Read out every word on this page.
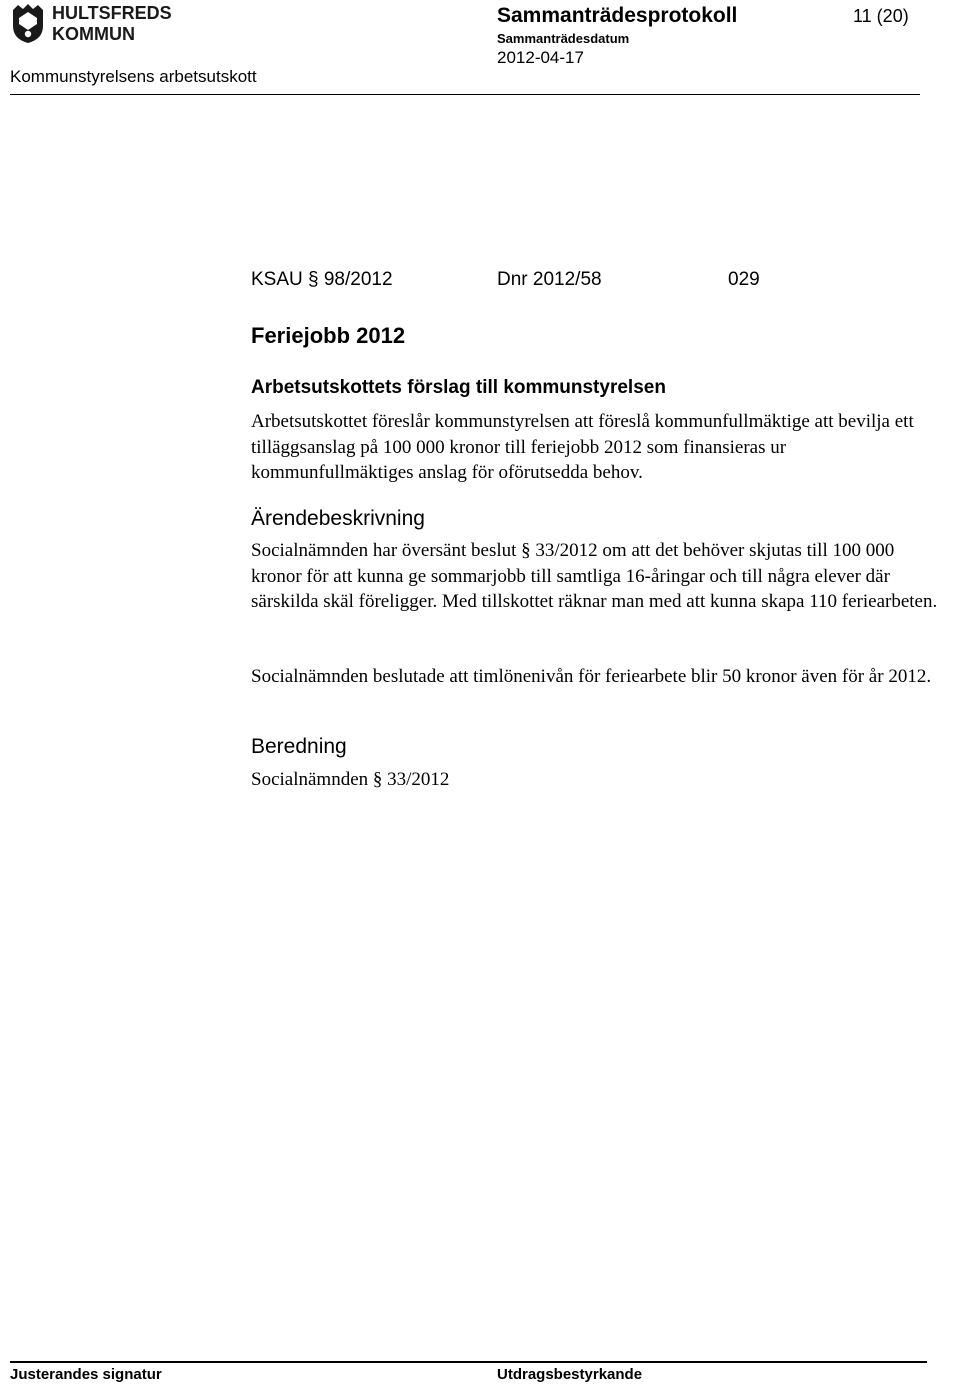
HULTSFREDS
KOMMUN
Sammanträdesprotokoll	11 (20)
Sammanträdesdatum
2012-04-17
Kommunstyrelsens arbetsutskott
KSAU § 98/2012	Dnr 2012/58	029
Feriejobb 2012
Arbetsutskottets förslag till kommunstyrelsen

Arbetsutskottet föreslår kommunstyrelsen att föreslå kommunfullmäktige att bevilja ett tilläggsanslag på 100 000 kronor till feriejobb 2012 som finansieras ur kommunfullmäktiges anslag för oförutsedda behov.

Ärendebeskrivning

Socialnämnden har översänt beslut § 33/2012 om att det behöver skjutas till 100 000 kronor för att kunna ge sommarjobb till samtliga 16-åringar och till några elever där särskilda skäl föreligger. Med tillskottet räknar man med att kunna skapa 110 feriearbeten.

Socialnämnden beslutade att timlönenivån för feriearbete blir 50 kronor även för år 2012.

Beredning

Socialnämnden § 33/2012

Justerandes signatur	Utdragsbestyrkande
